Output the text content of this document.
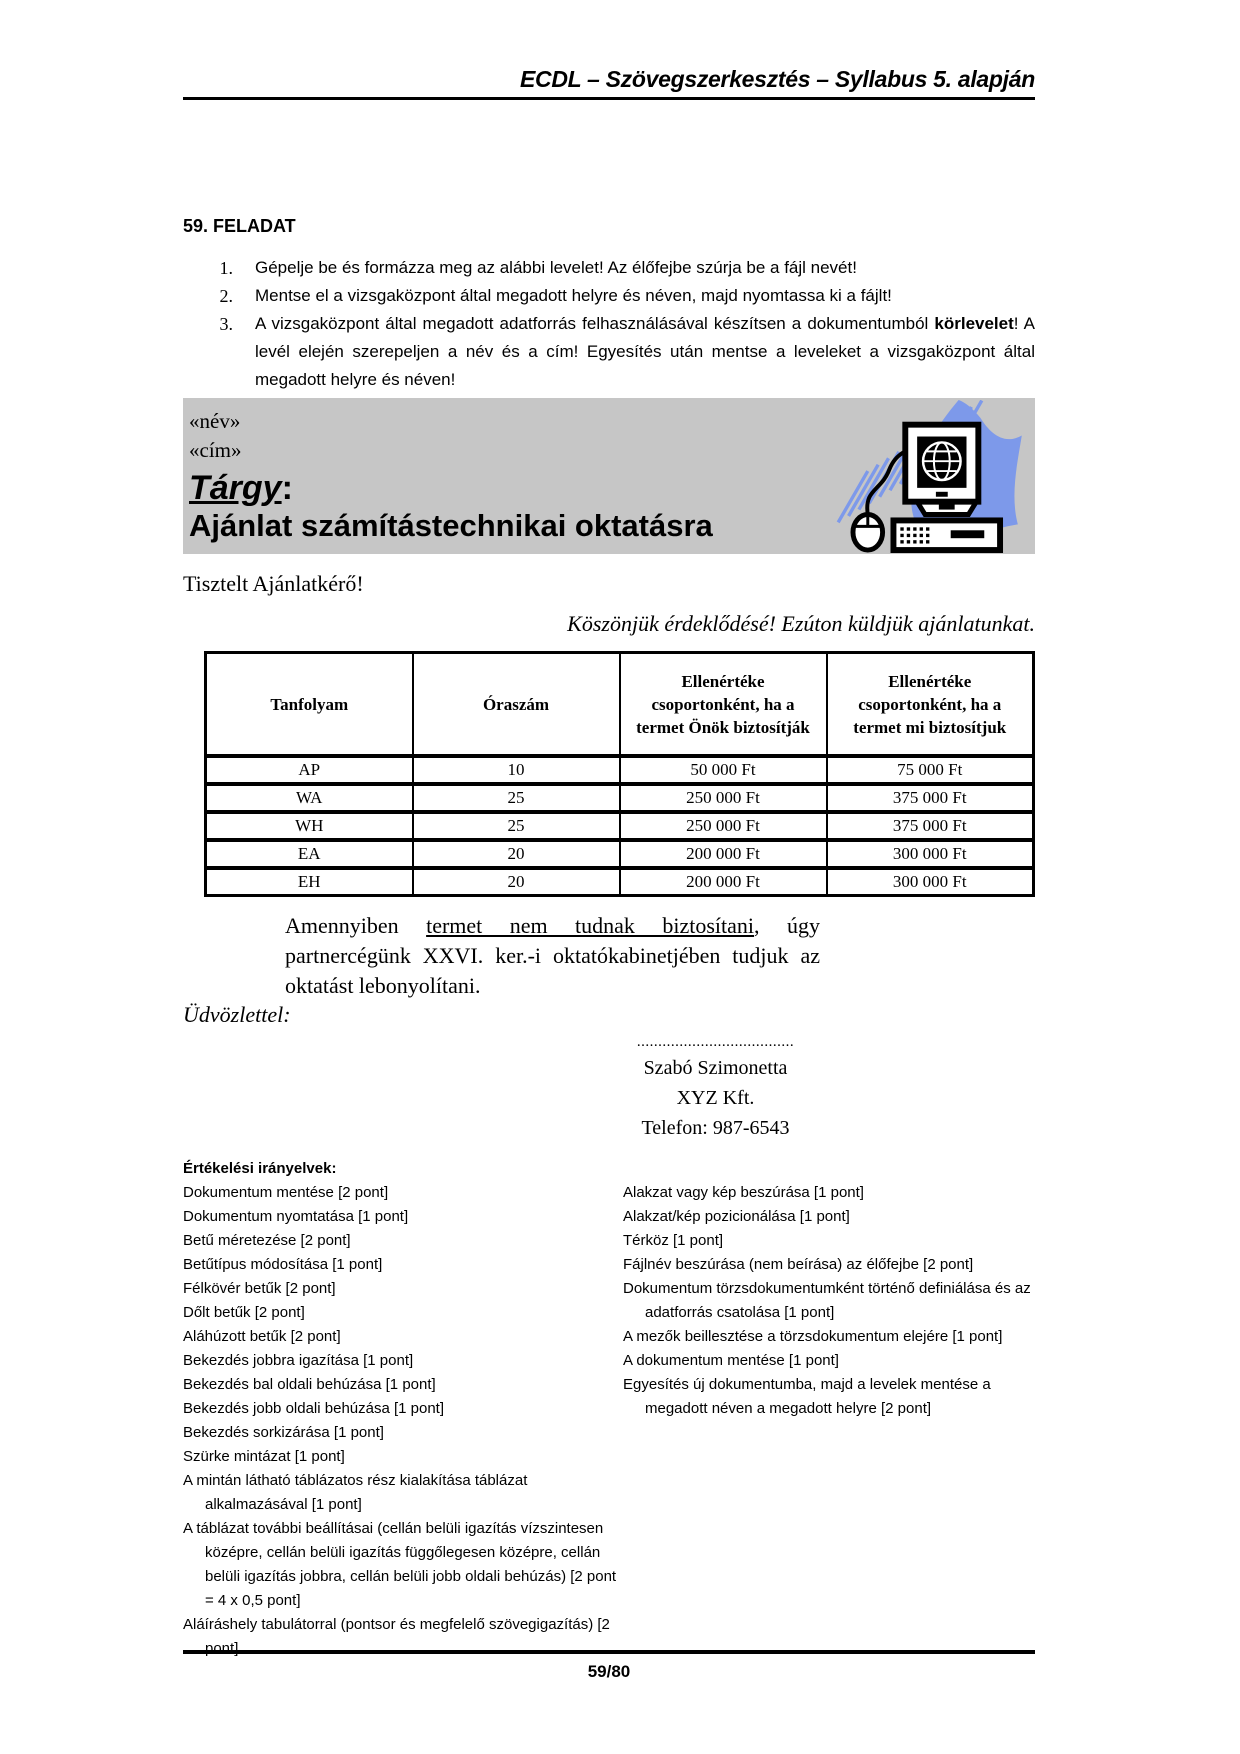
ECDL – Szövegszerkesztés – Syllabus 5. alapján
59. FELADAT
1.	Gépelje be és formázza meg az alábbi levelet! Az élőfejbe szúrja be a fájl nevét!
2.	Mentse el a vizsgaközpont által megadott helyre és néven, majd nyomtassa ki a fájlt!
3.	A vizsgaközpont által megadott adatforrás felhasználásával készítsen a dokumentumból körlevelet! A levél elején szerepeljen a név és a cím! Egyesítés után mentse a leveleket a vizsgaközpont által megadott helyre és néven!
«név»
«cím»
Tárgy:
Ajánlat számítástechnikai oktatásra
Tisztelt Ajánlatkérő!
Köszönjük érdeklődésé! Ezúton küldjük ajánlatunkat.
Tanfolyam	Óraszám	Ellenértéke csoportonként, ha a termet Önök biztosítják	Ellenértéke csoportonként, ha a termet mi biztosítjuk
AP	10	50 000 Ft	75 000 Ft
WA	25	250 000 Ft	375 000 Ft
WH	25	250 000 Ft	375 000 Ft
EA	20	200 000 Ft	300 000 Ft
EH	20	200 000 Ft	300 000 Ft
Amennyiben termet nem tudnak biztosítani, úgy partnercégünk XXVI. ker.-i oktatókabinetjében tudjuk az oktatást lebonyolítani.
Üdvözlettel:
.....................................
Szabó Szimonetta
XYZ Kft.
Telefon: 987-6543
Értékelési irányelvek:
Dokumentum mentése [2 pont]
Dokumentum nyomtatása [1 pont]
Betű méretezése [2 pont]
Betűtípus módosítása [1 pont]
Félkövér betűk [2 pont]
Dőlt betűk [2 pont]
Aláhúzott betűk [2 pont]
Bekezdés jobbra igazítása [1 pont]
Bekezdés bal oldali behúzása [1 pont]
Bekezdés jobb oldali behúzása [1 pont]
Bekezdés sorkizárása [1 pont]
Szürke mintázat [1 pont]
A mintán látható táblázatos rész kialakítása táblázat alkalmazásával [1 pont]
A táblázat további beállításai (cellán belüli igazítás vízszintesen középre, cellán belüli igazítás függőlegesen középre, cellán belüli igazítás jobbra, cellán belüli jobb oldali behúzás) [2 pont = 4 x 0,5 pont]
Aláíráshely tabulátorral (pontsor és megfelelő szövegigazítás) [2 pont]
Alakzat vagy kép beszúrása [1 pont]
Alakzat/kép pozicionálása [1 pont]
Térköz [1 pont]
Fájlnév beszúrása (nem beírása) az élőfejbe [2 pont]
Dokumentum törzsdokumentumként történő definiálása és az adatforrás csatolása [1 pont]
A mezők beillesztése a törzsdokumentum elejére [1 pont]
A dokumentum mentése [1 pont]
Egyesítés új dokumentumba, majd a levelek mentése a megadott néven a megadott helyre [2 pont]
59/80
